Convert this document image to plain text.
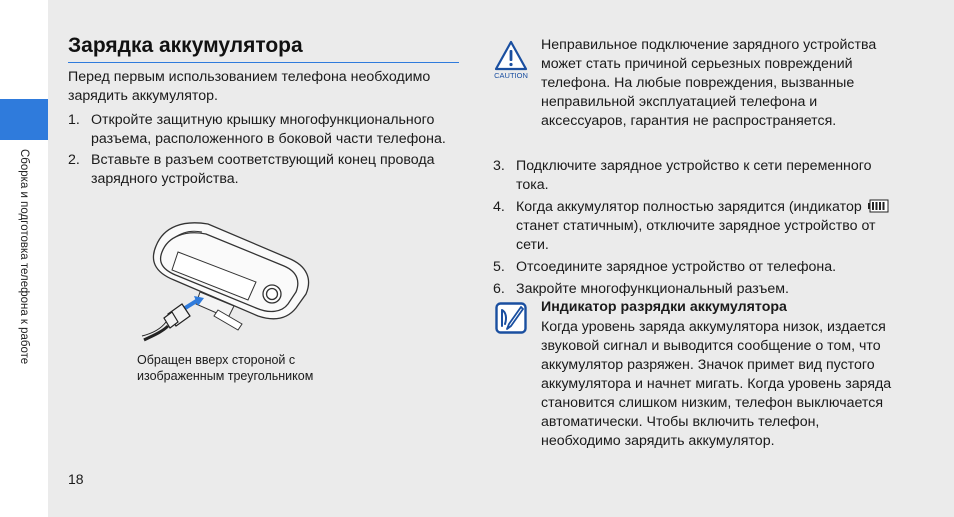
Сборка и подготовка телефона к работе
Зарядка аккумулятора
Перед первым использованием телефона необходимо зарядить аккумулятор.
1. Откройте защитную крышку многофункционального разъема, расположенного в боковой части телефона.
2. Вставьте в разъем соответствующий конец провода зарядного устройства.
Обращен вверх стороной с изображенным треугольником
CAUTION
Неправильное подключение зарядного устройства может стать причиной серьезных повреждений телефона. На любые повреждения, вызванные неправильной эксплуатацией телефона и аксессуаров, гарантия не распространяется.
3. Подключите зарядное устройство к сети переменного тока.
4. Когда аккумулятор полностью зарядится (индикатор  станет статичным), отключите зарядное устройство от сети.
5. Отсоедините зарядное устройство от телефона.
6. Закройте многофункциональный разъем.
Индикатор разрядки аккумулятора
Когда уровень заряда аккумулятора низок, издается звуковой сигнал и выводится сообщение о том, что аккумулятор разряжен. Значок примет вид пустого аккумулятора и начнет мигать. Когда уровень заряда становится слишком низким, телефон выключается автоматически. Чтобы включить телефон, необходимо зарядить аккумулятор.
18
